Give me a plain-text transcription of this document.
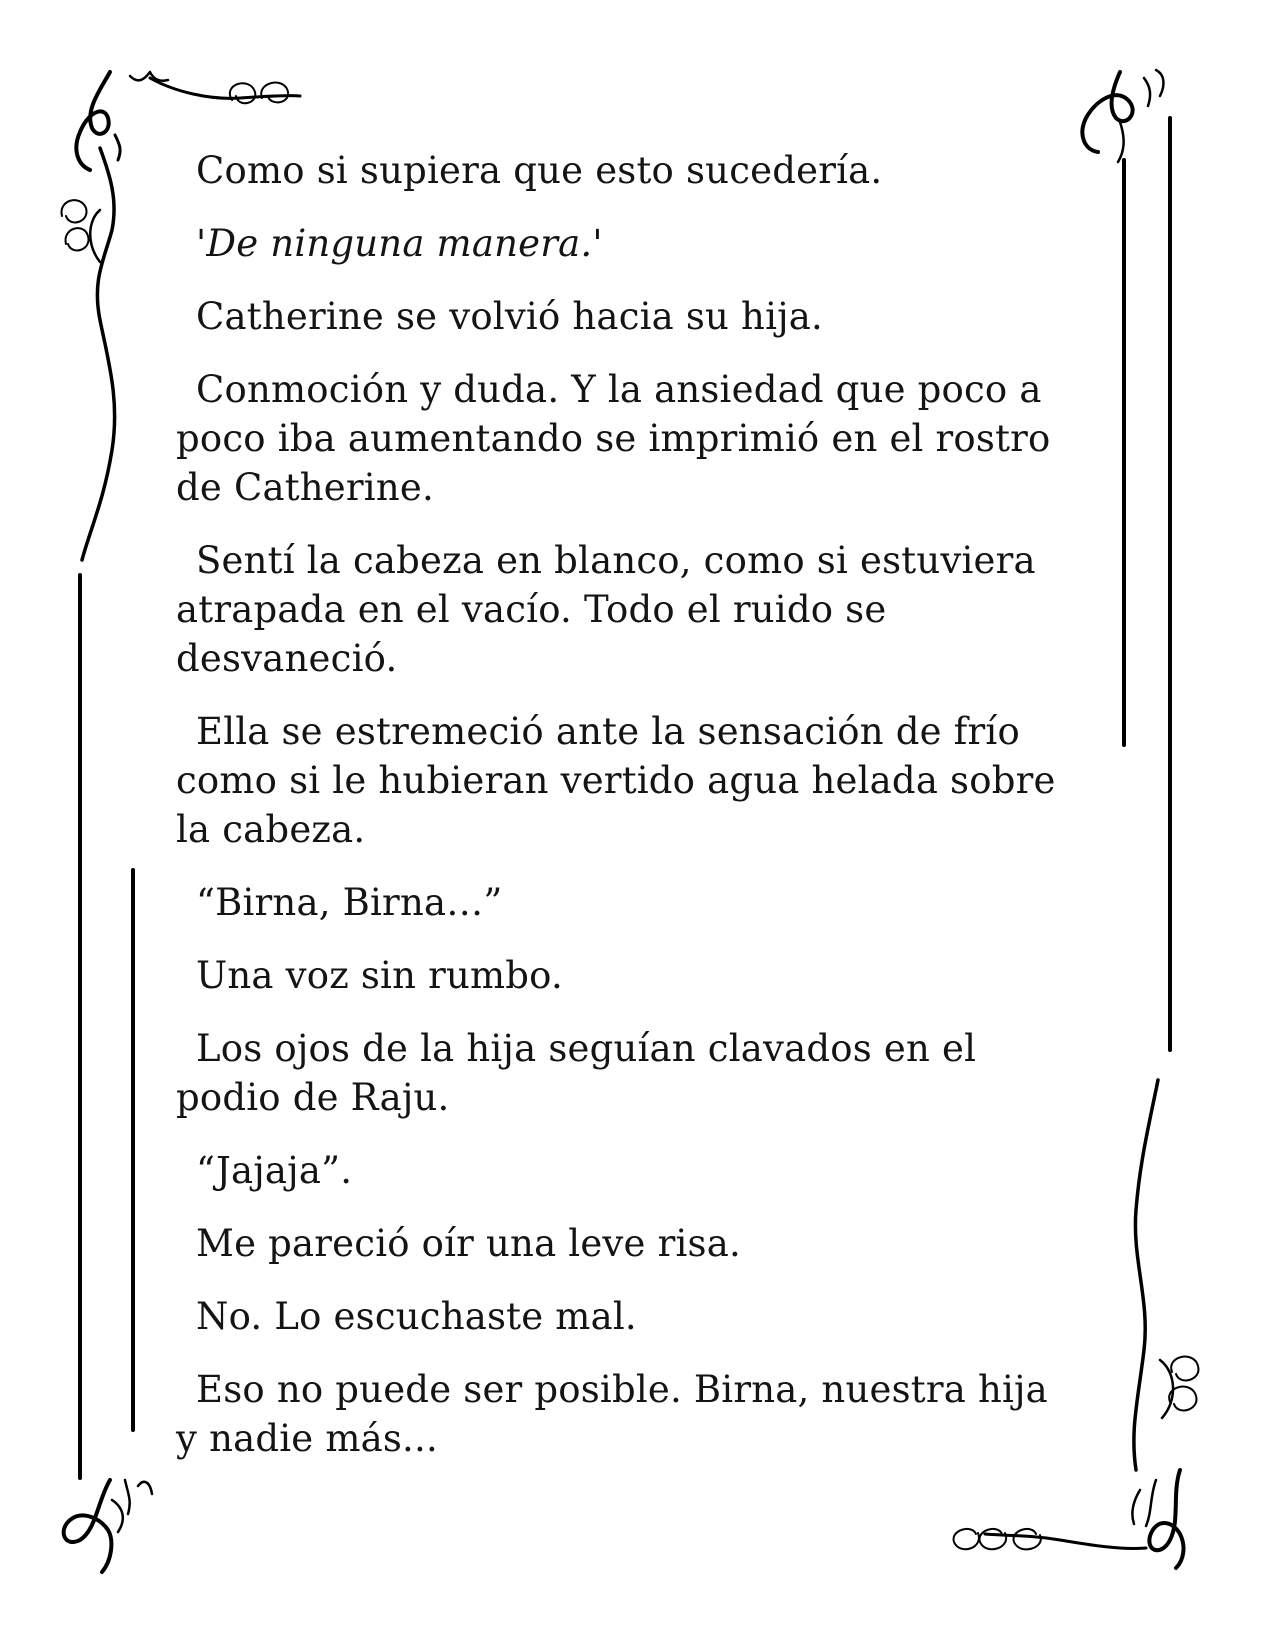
Como si supiera que esto sucedería.

'De ninguna manera.'

Catherine se volvió hacia su hija.

Conmoción y duda. Y la ansiedad que poco a poco iba aumentando se imprimió en el rostro de Catherine.

Sentí la cabeza en blanco, como si estuviera atrapada en el vacío. Todo el ruido se desvaneció.

Ella se estremeció ante la sensación de frío como si le hubieran vertido agua helada sobre la cabeza.

“Birna, Birna…”

Una voz sin rumbo.

Los ojos de la hija seguían clavados en el podio de Raju.

“Jajaja”.

Me pareció oír una leve risa.

No. Lo escuchaste mal.

Eso no puede ser posible. Birna, nuestra hija y nadie más...
